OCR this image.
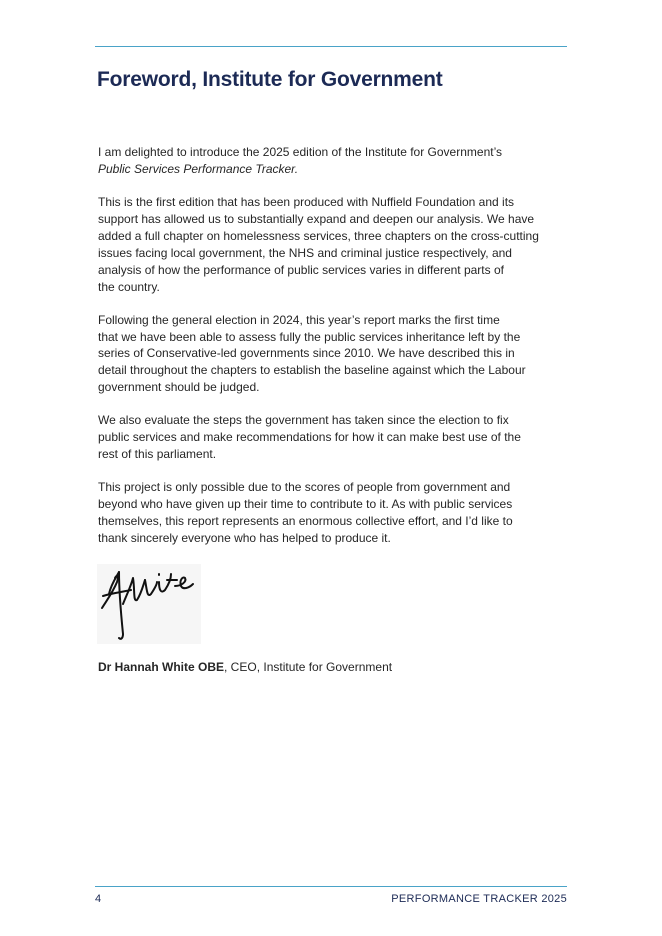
Foreword, Institute for Government

I am delighted to introduce the 2025 edition of the Institute for Government’s
Public Services Performance Tracker.

This is the first edition that has been produced with Nuffield Foundation and its
support has allowed us to substantially expand and deepen our analysis. We have
added a full chapter on homelessness services, three chapters on the cross-cutting
issues facing local government, the NHS and criminal justice respectively, and
analysis of how the performance of public services varies in different parts of
the country.

Following the general election in 2024, this year’s report marks the first time
that we have been able to assess fully the public services inheritance left by the
series of Conservative-led governments since 2010. We have described this in
detail throughout the chapters to establish the baseline against which the Labour
government should be judged.

We also evaluate the steps the government has taken since the election to fix
public services and make recommendations for how it can make best use of the
rest of this parliament.

This project is only possible due to the scores of people from government and
beyond who have given up their time to contribute to it. As with public services
themselves, this report represents an enormous collective effort, and I’d like to
thank sincerely everyone who has helped to produce it.

Dr Hannah White OBE, CEO, Institute for Government
4	PERFORMANCE TRACKER 2025
